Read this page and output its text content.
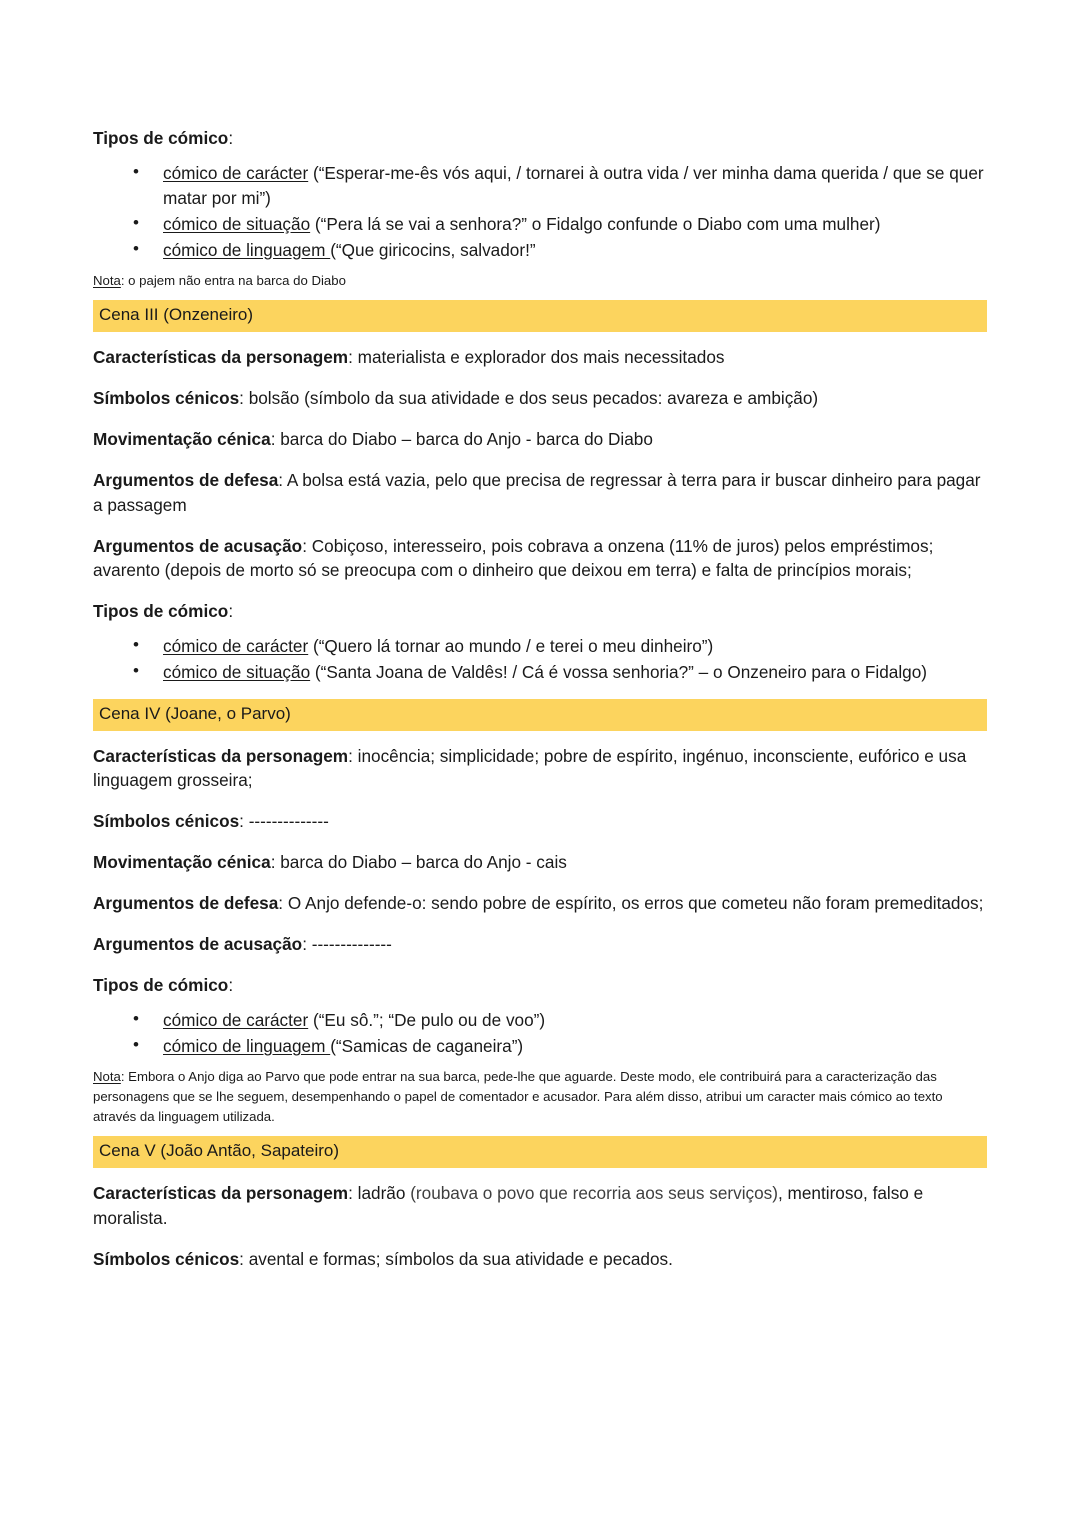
Tipos de cómico:

• cómico de carácter (“Esperar-me-ês vós aqui, / tornarei à outra vida / ver minha dama querida / que se quer matar por mi”)
• cómico de situação (“Pera lá se vai a senhora?” o Fidalgo confunde o Diabo com uma mulher)
• cómico de linguagem (“Que giricocins, salvador!”

Nota: o pajem não entra na barca do Diabo

Cena III (Onzeneiro)

Características da personagem: materialista e explorador dos mais necessitados

Símbolos cénicos: bolsão (símbolo da sua atividade e dos seus pecados: avareza e ambição)

Movimentação cénica: barca do Diabo – barca do Anjo - barca do Diabo

Argumentos de defesa: A bolsa está vazia, pelo que precisa de regressar à terra para ir buscar dinheiro para pagar a passagem

Argumentos de acusação: Cobiçoso, interesseiro, pois cobrava a onzena (11% de juros) pelos empréstimos; avarento (depois de morto só se preocupa com o dinheiro que deixou em terra) e falta de princípios morais;

Tipos de cómico:

• cómico de carácter (“Quero lá tornar ao mundo / e terei o meu dinheiro”)
• cómico de situação (“Santa Joana de Valdês! / Cá é vossa senhoria?” – o Onzeneiro para o Fidalgo)
Cena IV (Joane, o Parvo)

Características da personagem: inocência; simplicidade; pobre de espírito, ingénuo, inconsciente, eufórico e usa linguagem grosseira;

Símbolos cénicos: --------------

Movimentação cénica: barca do Diabo – barca do Anjo - cais

Argumentos de defesa: O Anjo defende-o: sendo pobre de espírito, os erros que cometeu não foram premeditados;

Argumentos de acusação: --------------

Tipos de cómico:

• cómico de carácter (“Eu sô.”; “De pulo ou de voo”)
• cómico de linguagem (“Samicas de caganeira”)

Nota: Embora o Anjo diga ao Parvo que pode entrar na sua barca, pede-lhe que aguarde. Deste modo, ele contribuirá para a caracterização das personagens que se lhe seguem, desempenhando o papel de comentador e acusador. Para além disso, atribui um caracter mais cómico ao texto através da linguagem utilizada.

Cena V (João Antão, Sapateiro)

Características da personagem: ladrão (roubava o povo que recorria aos seus serviços), mentiroso, falso e moralista.

Símbolos cénicos: avental e formas; símbolos da sua atividade e pecados.
